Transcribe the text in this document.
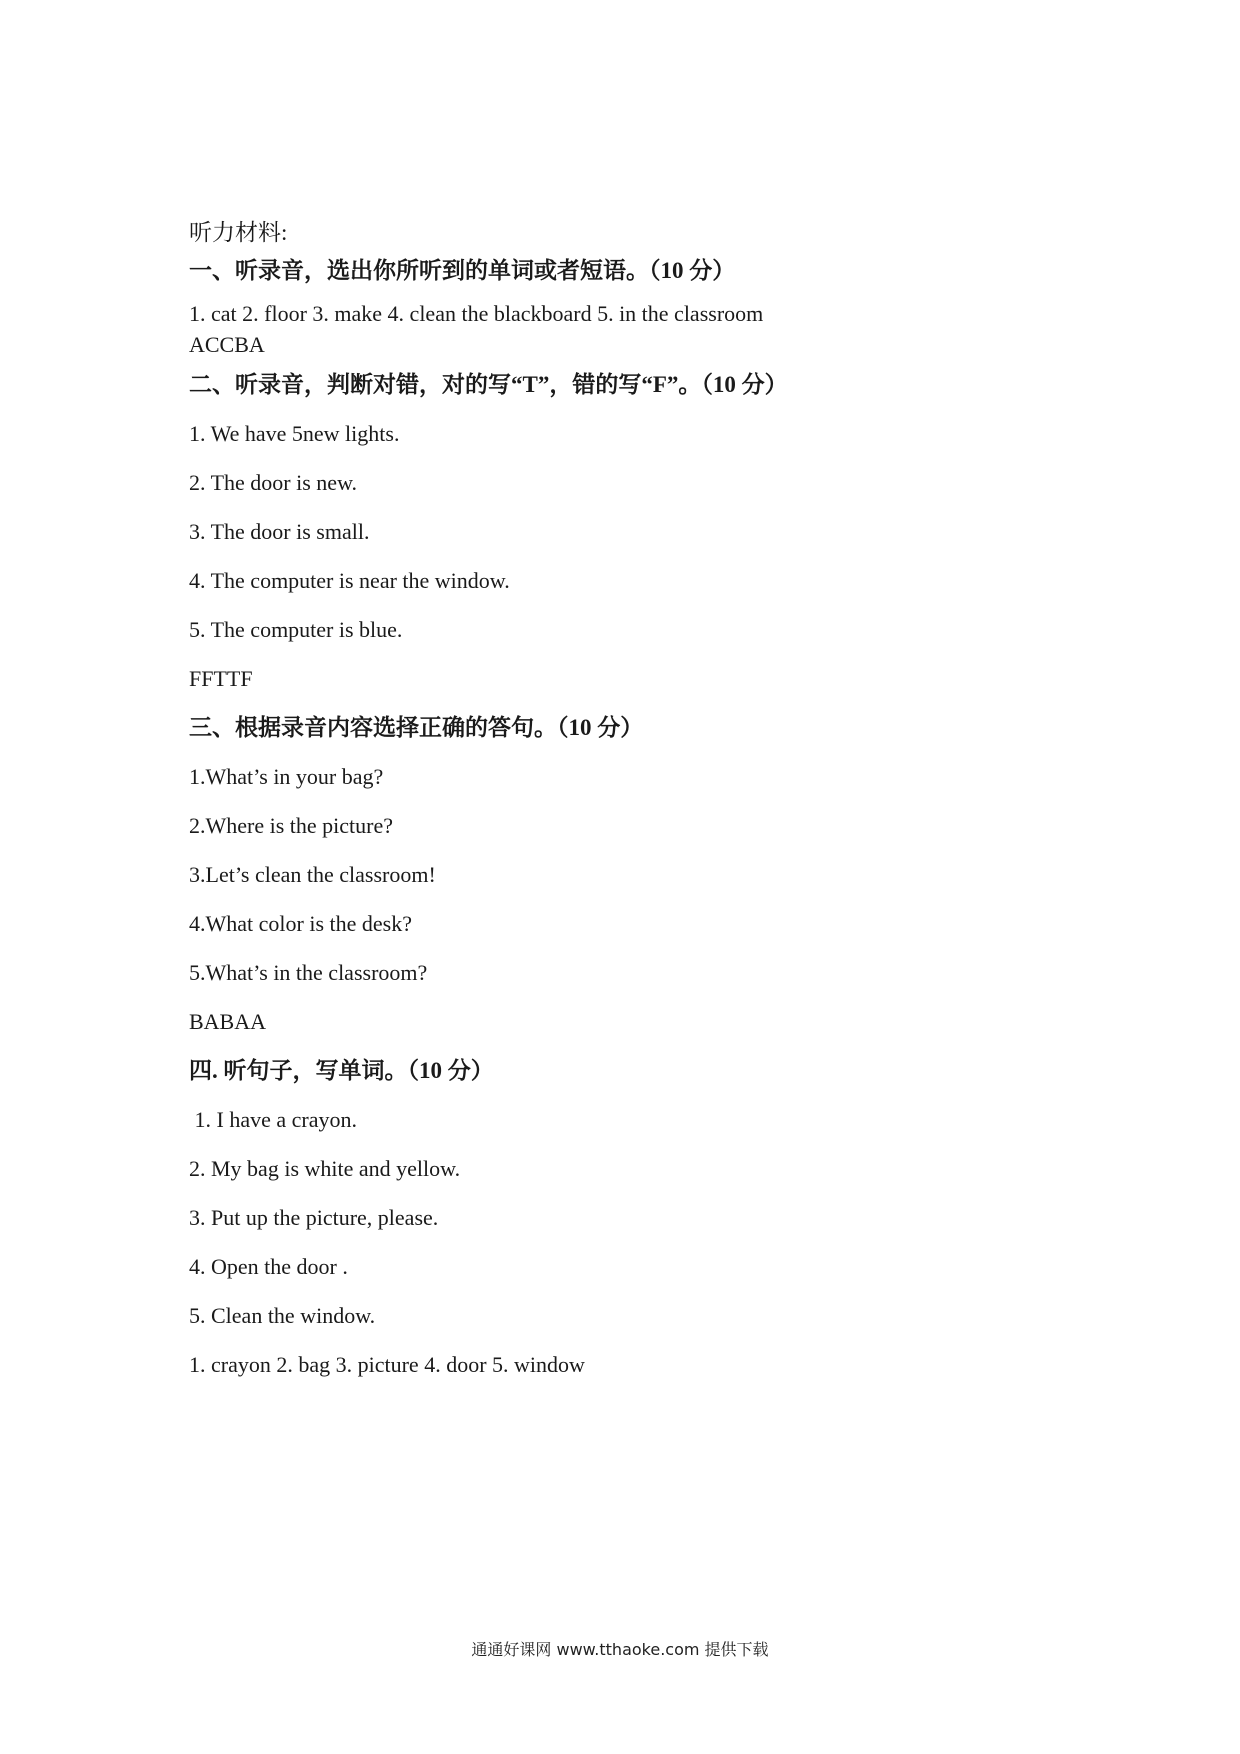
听力材料:
一、听录音，选出你所听到的单词或者短语。（10 分）
1. cat 2. floor 3. make 4. clean the blackboard 5. in the classroom
ACCBA
二、听录音，判断对错，对的写“T”，错的写“F”。（10 分）
1. We have 5new lights.
2. The door is new.
3. The door is small.
4. The computer is near the window.
5. The computer is blue.
FFTTF
三、根据录音内容选择正确的答句。（10 分）
1.What’s in your bag?
2.Where is the picture?
3.Let’s clean the classroom!
4.What color is the desk?
5.What’s in the classroom?
BABAA
四. 听句子，写单词。（10 分）
1. I have a crayon.
2. My bag is white and yellow.
3. Put up the picture, please.
4. Open the door .
5. Clean the window.
1. crayon 2. bag 3. picture 4. door 5. window
通通好课网 www.tthaoke.com 提供下载
